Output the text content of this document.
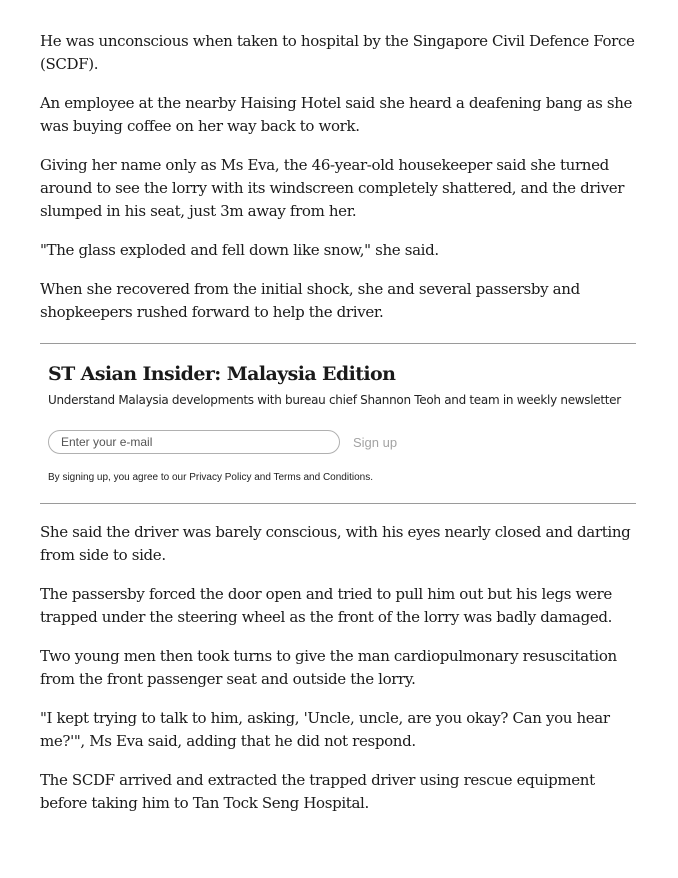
He was unconscious when taken to hospital by the Singapore Civil Defence Force (SCDF).

An employee at the nearby Haising Hotel said she heard a deafening bang as she was buying coffee on her way back to work.

Giving her name only as Ms Eva, the 46-year-old housekeeper said she turned around to see the lorry with its windscreen completely shattered, and the driver slumped in his seat, just 3m away from her.

"The glass exploded and fell down like snow," she said.

When she recovered from the initial shock, she and several passersby and shopkeepers rushed forward to help the driver.

ST Asian Insider: Malaysia Edition
Understand Malaysia developments with bureau chief Shannon Teoh and team in weekly newsletter
Enter your e-mail
Sign up
By signing up, you agree to our Privacy Policy and Terms and Conditions.

She said the driver was barely conscious, with his eyes nearly closed and darting from side to side.

The passersby forced the door open and tried to pull him out but his legs were trapped under the steering wheel as the front of the lorry was badly damaged.

Two young men then took turns to give the man cardiopulmonary resuscitation from the front passenger seat and outside the lorry.

"I kept trying to talk to him, asking, 'Uncle, uncle, are you okay? Can you hear me?'", Ms Eva said, adding that he did not respond.

The SCDF arrived and extracted the trapped driver using rescue equipment before taking him to Tan Tock Seng Hospital.
